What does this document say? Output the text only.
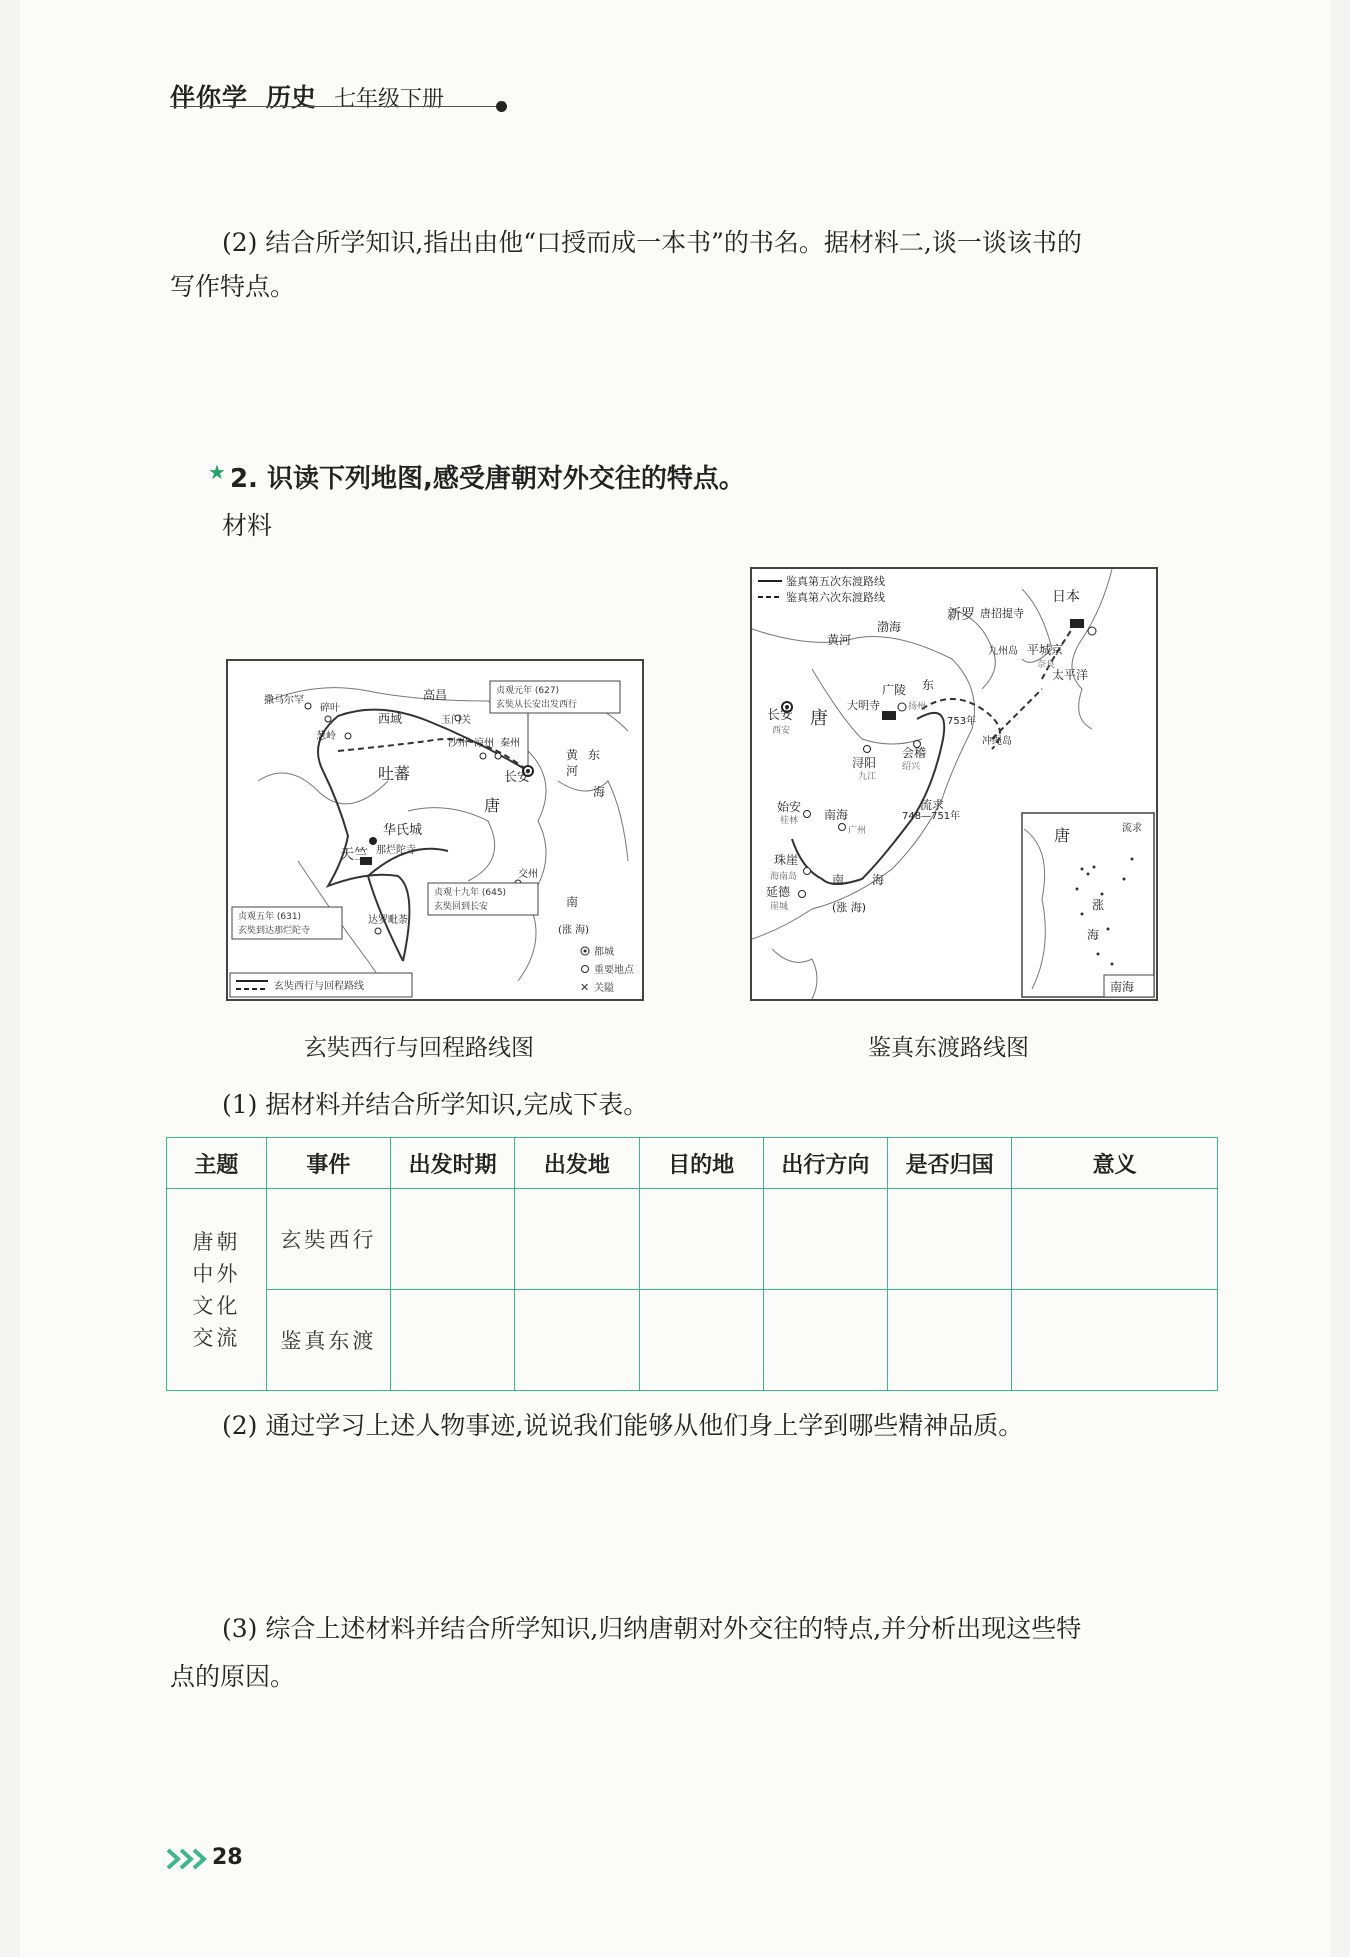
伴你学 历史 七年级下册
(2) 结合所学知识,指出由他“口授而成一本书”的书名。据材料二,谈一谈该书的
写作特点。
★ 2. 识读下列地图,感受唐朝对外交往的特点。
材料
高昌
撒马尔罕
碎叶
葱岭
西域	玉门关
沙州 凉州 秦州
吐蕃	长安
唐
华氏城
天竺 那烂陀寺
达罗毗荼
交州
黄
河
东
海
南
(涨 海)
贞观元年 (627)
玄奘从长安出发西行
贞观十九年 (645)
玄奘回到长安
贞观五年 (631)
玄奘到达那烂陀寺
玄奘西行与回程路线
都城
重要地点
✕ 关隘
玄奘西行与回程路线图
鉴真第五次东渡路线
鉴真第六次东渡路线
长安
西安
唐
大明寺
广陵
扬州
浔阳
九江
会稽
绍兴
始安
桂林 南海
广州
珠崖
海南岛
延德
崖城
南 海
(涨 海)
新罗 唐招提寺
日本
平城京
奈良
九州岛
冲绳岛
太平洋
流求
渤海
黄河
东
753年
748—751年
唐	流求
涨
海
南海
鉴真东渡路线图
(1) 据材料并结合所学知识,完成下表。
主题	事件	出发时期	出发地	目的地	出行方向	是否归国	意义

唐朝
中外
文化
交流	玄奘西行						
	鉴真东渡						
(2) 通过学习上述人物事迹,说说我们能够从他们身上学到哪些精神品质。
(3) 综合上述材料并结合所学知识,归纳唐朝对外交往的特点,并分析出现这些特
点的原因。
28
